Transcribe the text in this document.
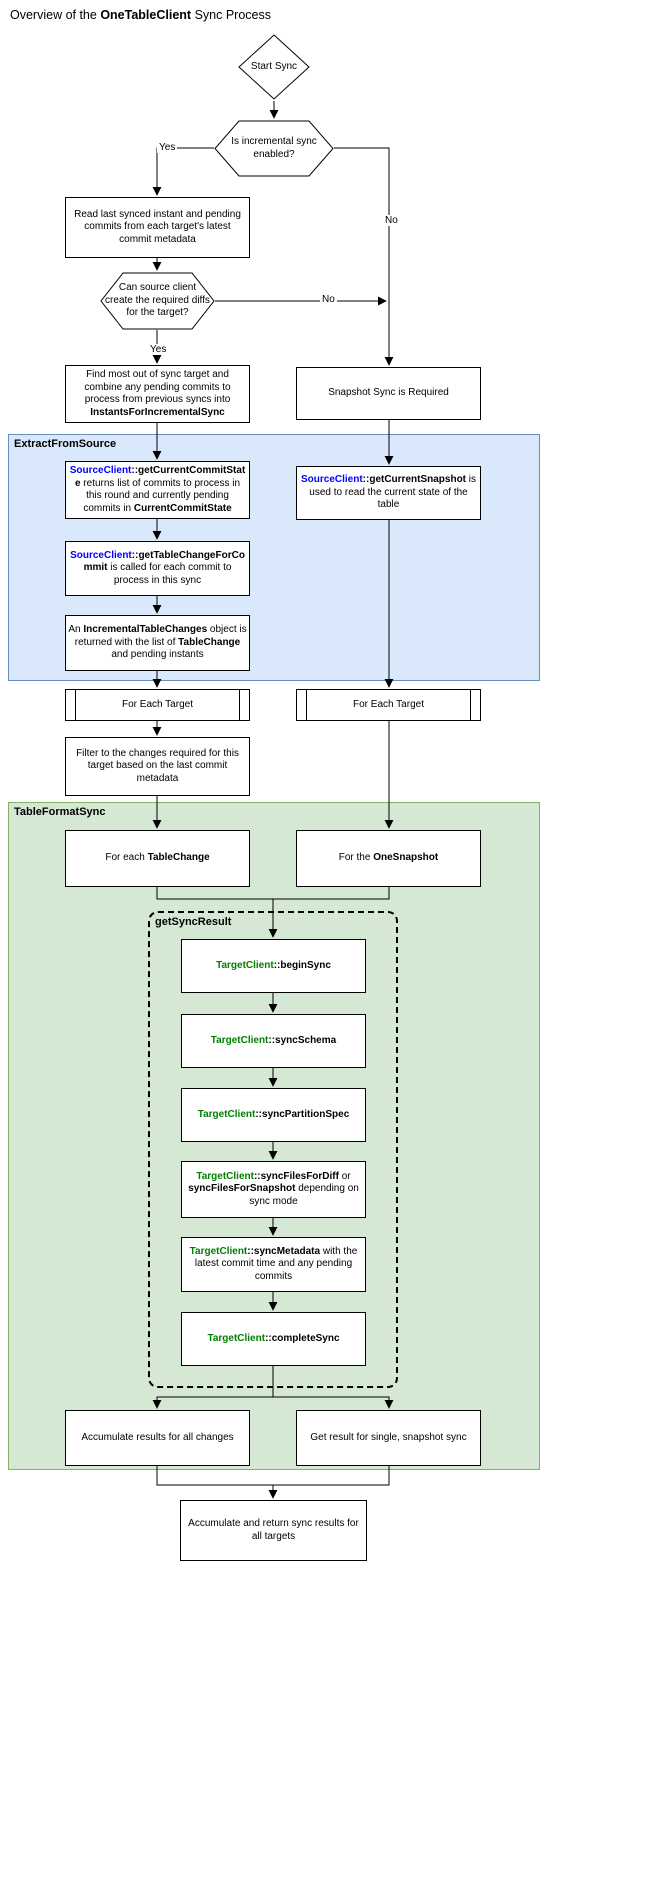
Overview of the OneTableClient Sync Process
ExtractFromSource
TableFormatSync
getSyncResult
Yes
No
No
Yes
Start Sync
Is incremental sync enabled?
Read last synced instant and pending commits from each target's latest commit metadata
Can source client create the required diffs for the target?
Find most out of sync target and combine any pending commits to process from previous syncs into InstantsForIncrementalSync
Snapshot Sync is Required
SourceClient::getCurrentCommitState returns list of commits to process in this round and currently pending commits in CurrentCommitState
SourceClient::getCurrentSnapshot is used to read the current state of the table
SourceClient::getTableChangeForCommit is called for each commit to process in this sync
An IncrementalTableChanges object is returned with the list of TableChange and pending instants
For Each Target	For Each Target
Filter to the changes required for this target based on the last commit metadata
For each TableChange	For the OneSnapshot
TargetClient::beginSync
TargetClient::syncSchema
TargetClient::syncPartitionSpec
TargetClient::syncFilesForDiff or syncFilesForSnapshot depending on sync mode
TargetClient::syncMetadata with the latest commit time and any pending commits
TargetClient::completeSync
Accumulate results for all changes	Get result for single, snapshot sync
Accumulate and return sync results for all targets
